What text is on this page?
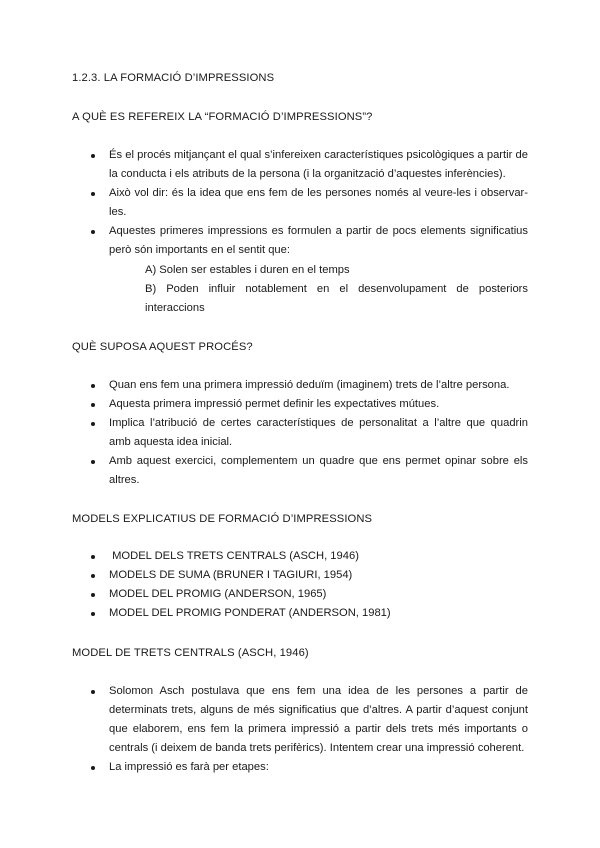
1.2.3. LA FORMACIÓ D’IMPRESSIONS
A QUÈ ES REFEREIX LA “FORMACIÓ D’IMPRESSIONS”?
És el procés mitjançant el qual s’infereixen característiques psicològiques a partir de la conducta i els atributs de la persona (i la organització d’aquestes inferències).
Això vol dir: és la idea que ens fem de les persones només al veure-les i observar-les.
Aquestes primeres impressions es formulen a partir de pocs elements significatius però són importants en el sentit que:
A) Solen ser estables i duren en el temps
B) Poden influir notablement en el desenvolupament de posteriors interaccions
QUÈ SUPOSA AQUEST PROCÉS?
Quan ens fem una primera impressió deduïm (imaginem) trets de l’altre persona.
Aquesta primera impressió permet definir les expectatives mútues.
Implica l’atribució de certes característiques de personalitat a l’altre que quadrin amb aquesta idea inicial.
Amb aquest exercici, complementem un quadre que ens permet opinar sobre els altres.
MODELS EXPLICATIUS DE FORMACIÓ D’IMPRESSIONS
MODEL DELS TRETS CENTRALS (ASCH, 1946)
MODELS DE SUMA (BRUNER I TAGIURI, 1954)
MODEL DEL PROMIG (ANDERSON, 1965)
MODEL DEL PROMIG PONDERAT (ANDERSON, 1981)
MODEL DE TRETS CENTRALS (ASCH, 1946)
Solomon Asch postulava que ens fem una idea de les persones a partir de determinats trets, alguns de més significatius que d’altres. A partir d’aquest conjunt que elaborem, ens fem la primera impressió a partir dels trets més importants o centrals (i deixem de banda trets perifèrics). Intentem crear una impressió coherent.
La impressió es farà per etapes:
